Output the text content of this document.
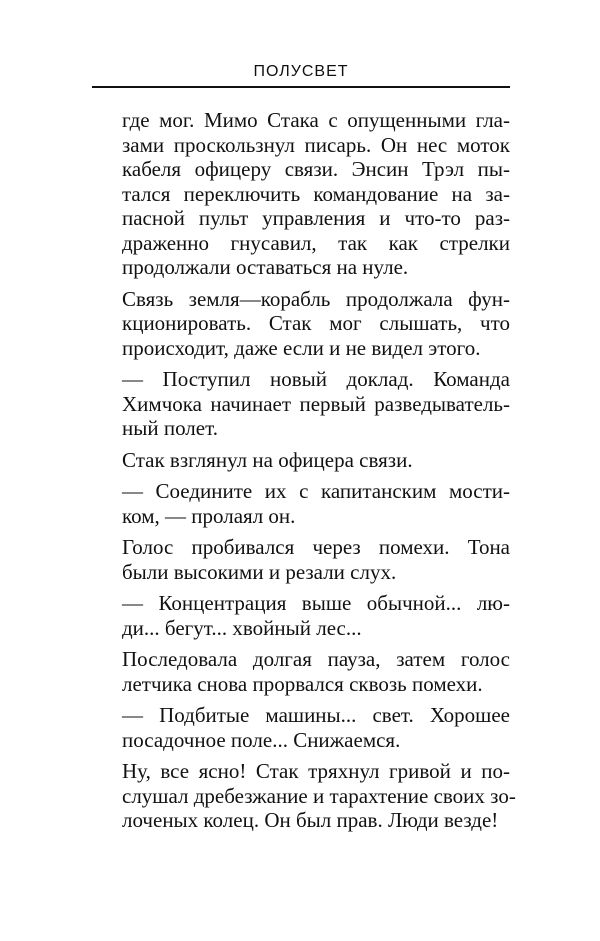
ПОЛУСВЕТ

где мог. Мимо Стака с опущенными гла-
зами проскользнул писарь. Он нес моток
кабеля офицеру связи. Энсин Трэл пы-
тался переключить командование на за-
пасной пульт управления и что-то раз-
драженно гнусавил, так как стрелки
продолжали оставаться на нуле.

Связь земля—корабль продолжала фун-
кционировать. Стак мог слышать, что
происходит, даже если и не видел этого.

— Поступил новый доклад. Команда
Химчока начинает первый разведыватель-
ный полет.

Стак взглянул на офицера связи.

— Соедините их с капитанским мости-
ком, — пролаял он.

Голос пробивался через помехи. Тона
были высокими и резали слух.

— Концентрация выше обычной... лю-
ди... бегут... хвойный лес...

Последовала долгая пауза, затем голос
летчика снова прорвался сквозь помехи.

— Подбитые машины... свет. Хорошее
посадочное поле... Снижаемся.

Ну, все ясно! Стак тряхнул гривой и по-
слушал дребезжание и тарахтение своих зо-
лоченых колец. Он был прав. Люди везде!
